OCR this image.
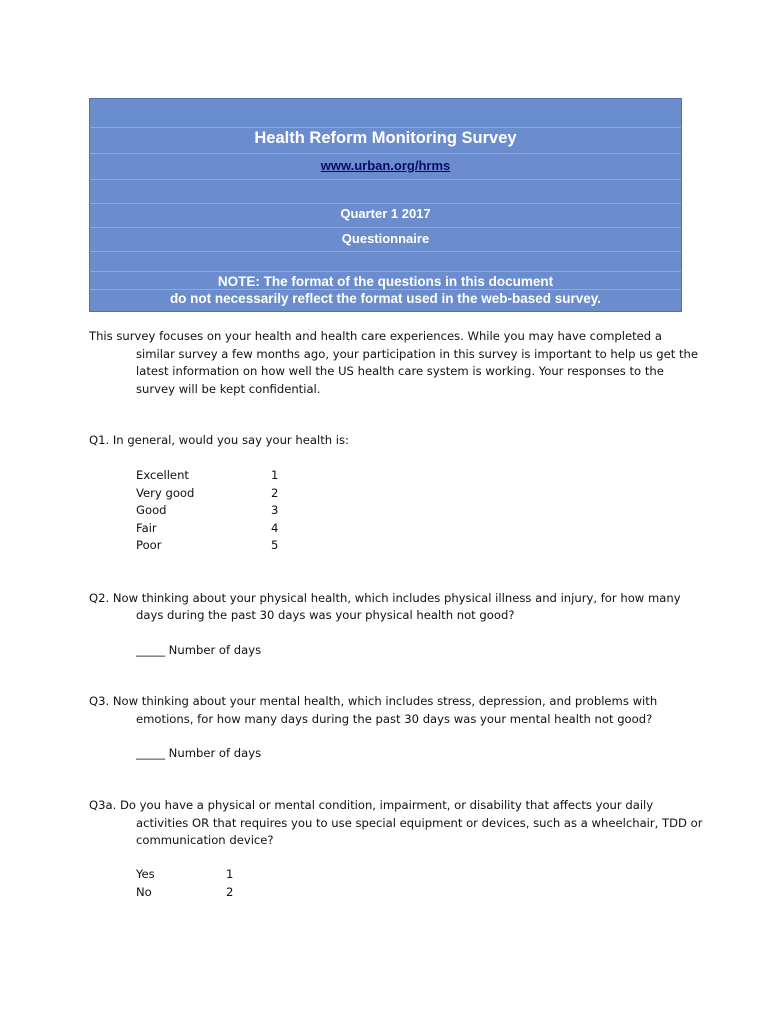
Health Reform Monitoring Survey
www.urban.org/hrms
Quarter 1 2017
Questionnaire
NOTE: The format of the questions in this document
do not necessarily reflect the format used in the web-based survey.
This survey focuses on your health and health care experiences. While you may have completed a
similar survey a few months ago, your participation in this survey is important to help us get the
latest information on how well the US health care system is working. Your responses to the
survey will be kept confidential.
Q1. In general, would you say your health is:
Excellent	1
Very good	2
Good	3
Fair	4
Poor	5
Q2. Now thinking about your physical health, which includes physical illness and injury, for how many
days during the past 30 days was your physical health not good?
_____ Number of days
Q3. Now thinking about your mental health, which includes stress, depression, and problems with
emotions, for how many days during the past 30 days was your mental health not good?
_____ Number of days
Q3a. Do you have a physical or mental condition, impairment, or disability that affects your daily
activities OR that requires you to use special equipment or devices, such as a wheelchair, TDD or
communication device?
Yes	1
No	2
